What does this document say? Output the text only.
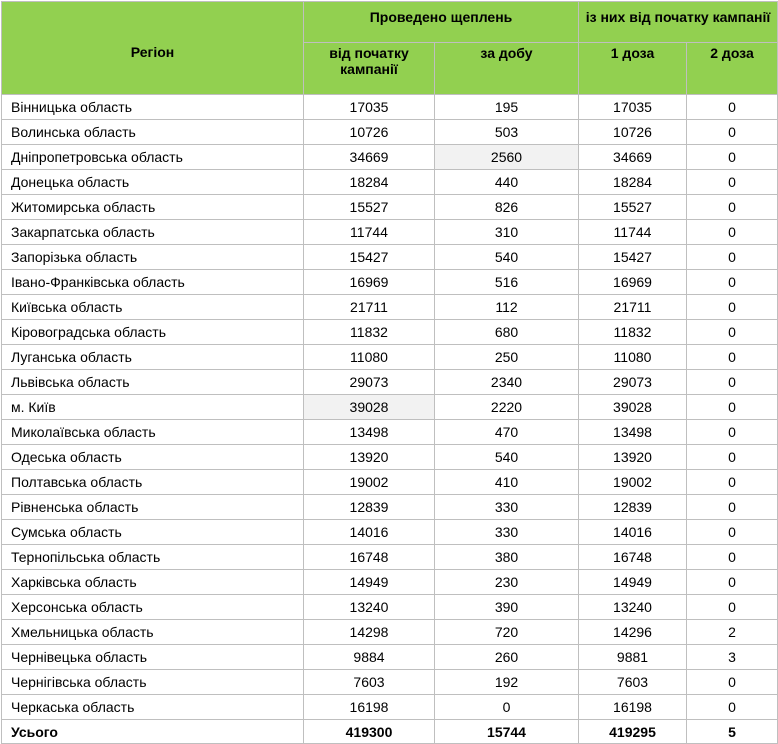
Регіон	Проведено щеплень		із них від початку кампанії	
	від початку кампанії	за добу	1 доза	2 доза
Вінницька область	17035	195	17035	0
Волинська область	10726	503	10726	0
Дніпропетровська область	34669	2560	34669	0
Донецька область	18284	440	18284	0
Житомирська область	15527	826	15527	0
Закарпатська область	11744	310	11744	0
Запорізька область	15427	540	15427	0
Івано-Франківська область	16969	516	16969	0
Київська область	21711	112	21711	0
Кіровоградська область	11832	680	11832	0
Луганська область	11080	250	11080	0
Львівська область	29073	2340	29073	0
м. Київ	39028	2220	39028	0
Миколаївська область	13498	470	13498	0
Одеська область	13920	540	13920	0
Полтавська область	19002	410	19002	0
Рівненська область	12839	330	12839	0
Сумська область	14016	330	14016	0
Тернопільська область	16748	380	16748	0
Харківська область	14949	230	14949	0
Херсонська область	13240	390	13240	0
Хмельницька область	14298	720	14296	2
Чернівецька область	9884	260	9881	3
Чернігівська область	7603	192	7603	0
Черкаська область	16198	0	16198	0
Усього	419300	15744	419295	5
